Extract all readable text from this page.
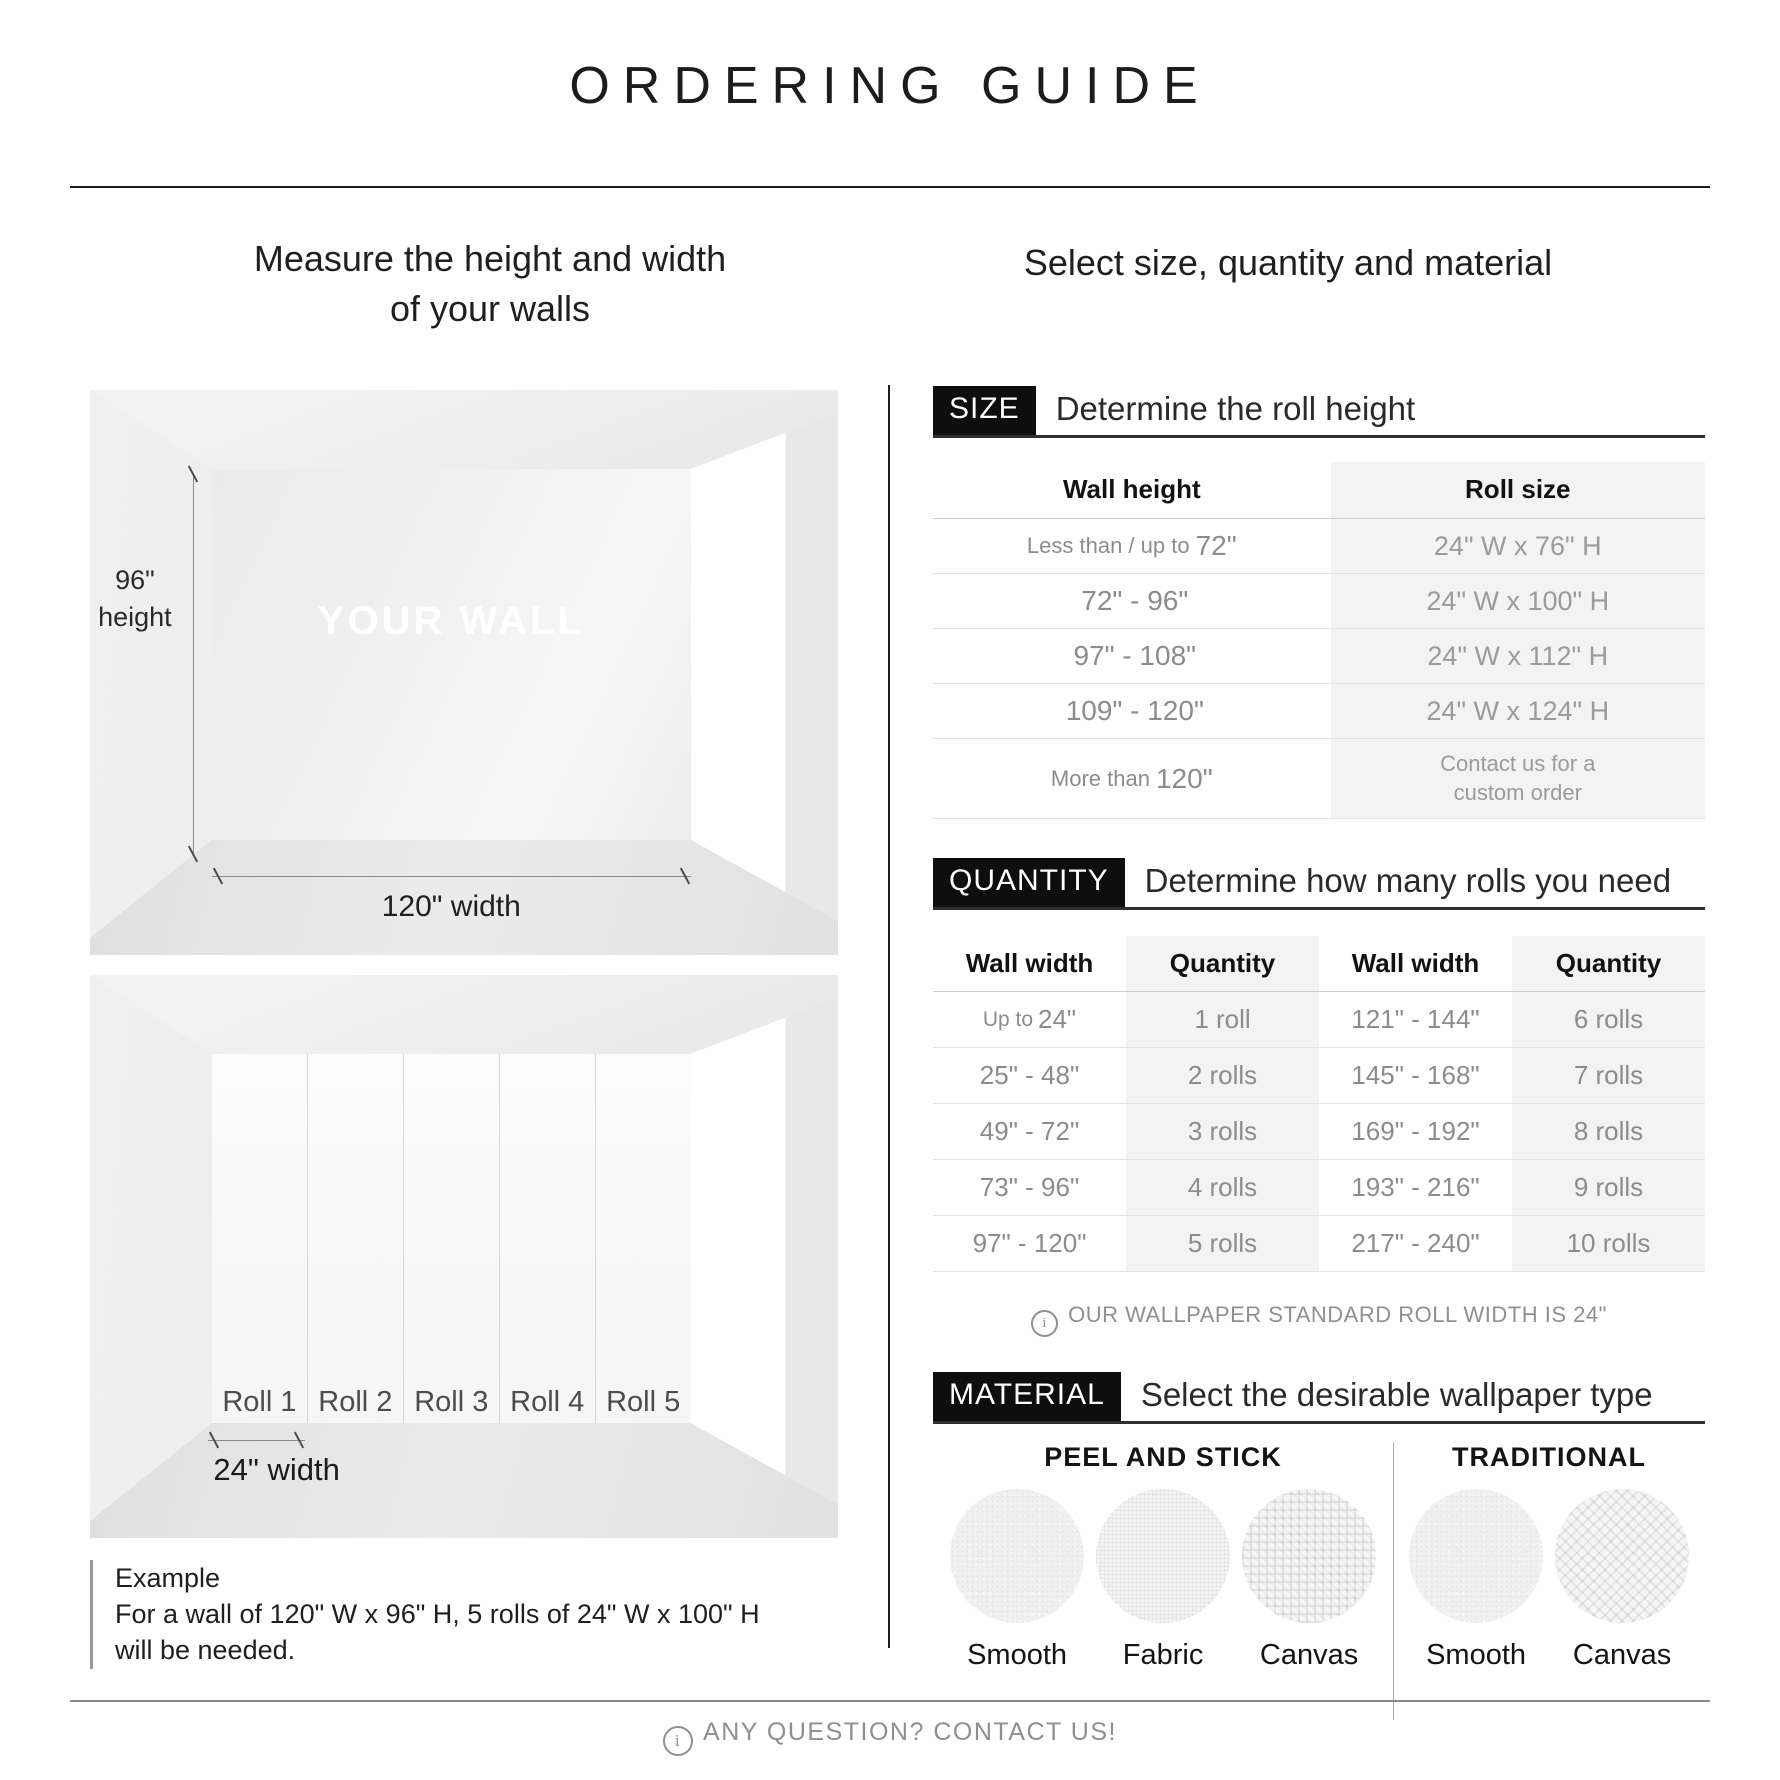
ORDERING GUIDE
Measure the height and width
of your walls
Select size, quantity and material
YOUR WALL
96"
height
120" width
Roll 1 Roll 2 Roll 3 Roll 4 Roll 5
24" width
Example
For a wall of 120" W x 96" H, 5 rolls of 24" W x 100" H
will be needed.
SIZE	Determine the roll height
Wall height	Roll size
Less than / up to 72"	24" W x 76" H
72" - 96"	24" W x 100" H
97" - 108"	24" W x 112" H
109" - 120"	24" W x 124" H
More than 120"	Contact us for a custom order
QUANTITY	Determine how many rolls you need
Wall width	Quantity	Wall width	Quantity
Up to 24"	1 roll	121" - 144"	6 rolls
25" - 48"	2 rolls	145" - 168"	7 rolls
49" - 72"	3 rolls	169" - 192"	8 rolls
73" - 96"	4 rolls	193" - 216"	9 rolls
97" - 120"	5 rolls	217" - 240"	10 rolls
iOUR WALLPAPER STANDARD ROLL WIDTH IS 24"
MATERIAL	Select the desirable wallpaper type
PEEL AND STICK
Smooth Fabric Canvas
TRADITIONAL
Smooth Canvas
iANY QUESTION? CONTACT US!
